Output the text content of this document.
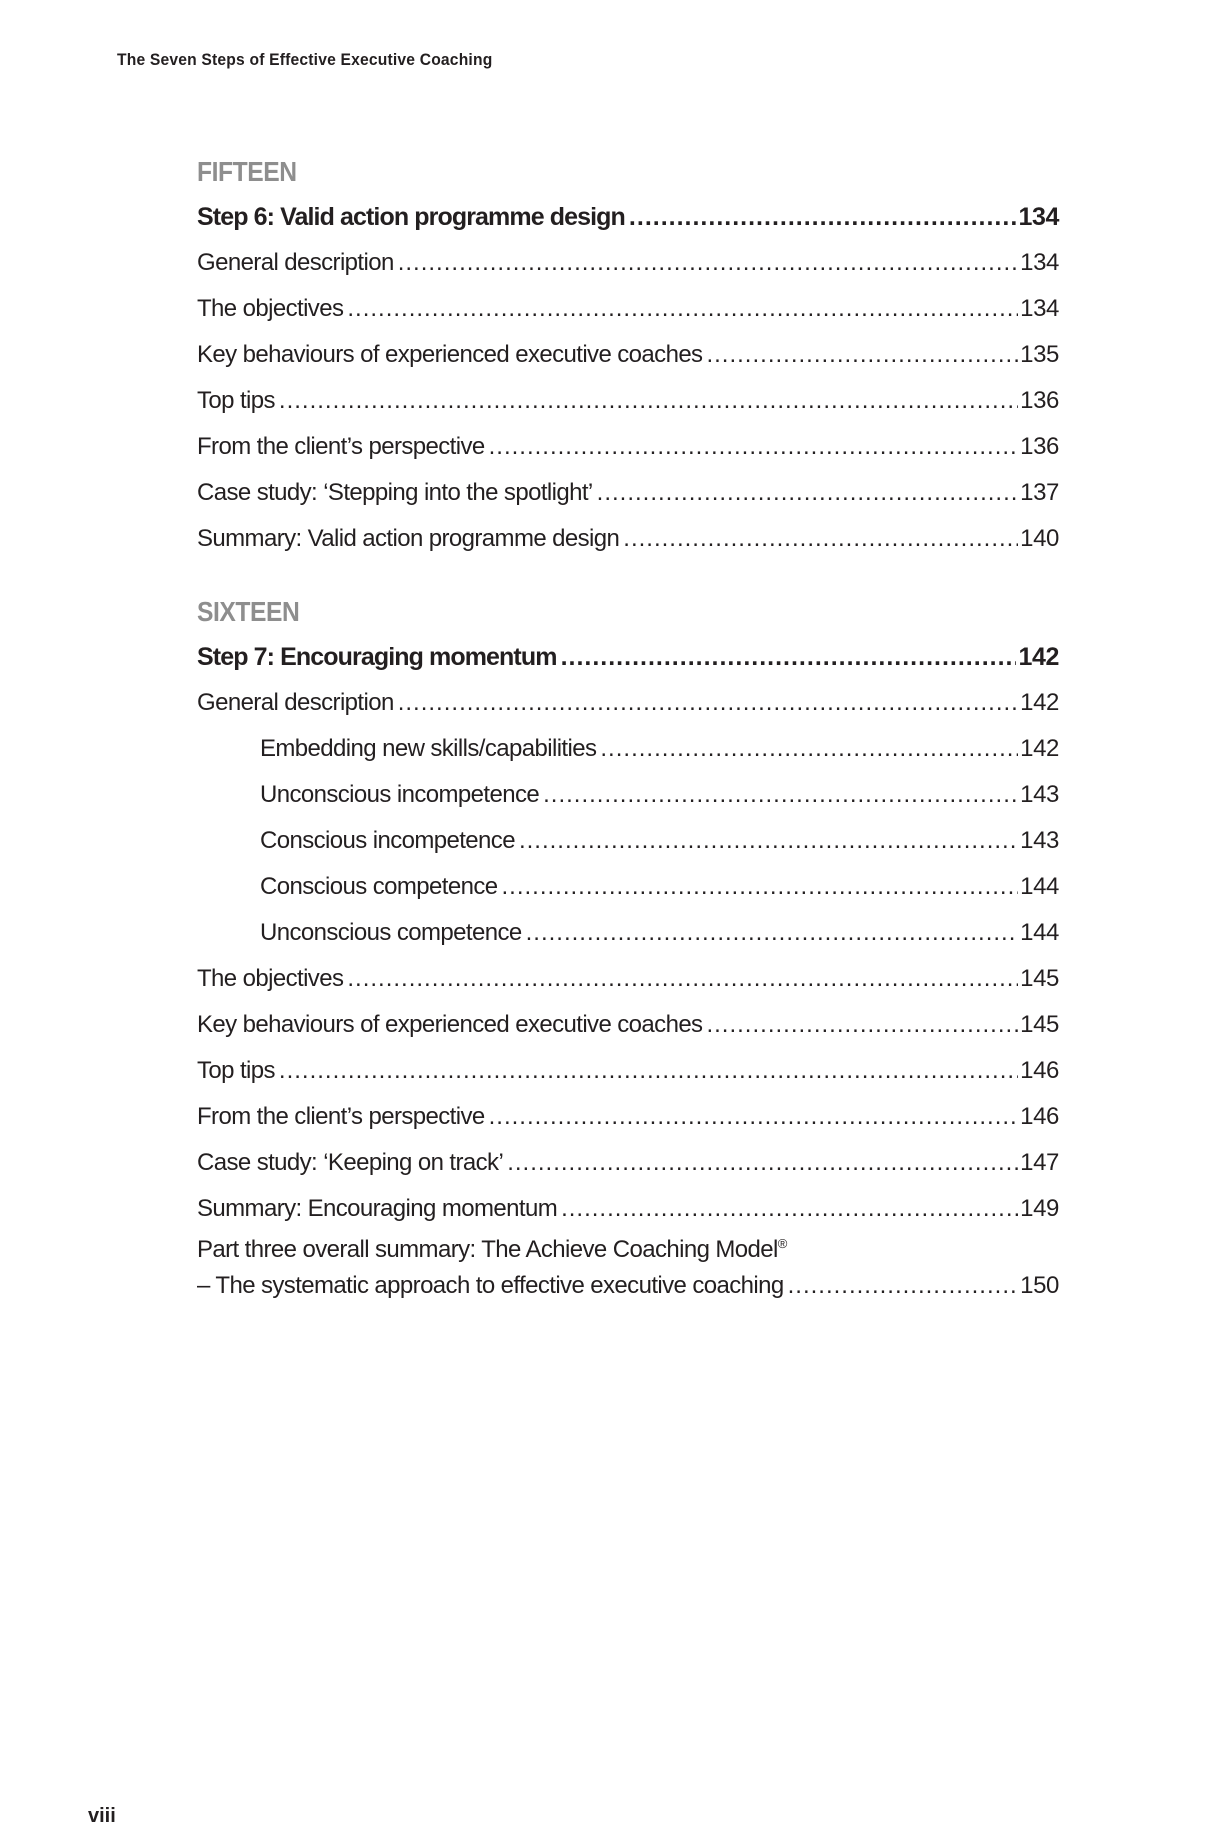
The Seven Steps of Effective Executive Coaching
FIFTEEN
Step 6: Valid action programme design .....	134
General description .....	134
The objectives .....	134
Key behaviours of experienced executive coaches .....	135
Top tips .....	136
From the client’s perspective .....	136
Case study: ‘Stepping into the spotlight’ .....	137
Summary: Valid action programme design .....	140
SIXTEEN
Step 7: Encouraging momentum .....	142
General description .....	142
Embedding new skills/capabilities .....	142
Unconscious incompetence .....	143
Conscious incompetence .....	143
Conscious competence .....	144
Unconscious competence .....	144
The objectives .....	145
Key behaviours of experienced executive coaches .....	145
Top tips .....	146
From the client’s perspective .....	146
Case study: ‘Keeping on track’ .....	147
Summary: Encouraging momentum .....	149
Part three overall summary: The Achieve Coaching Model®
– The systematic approach to effective executive coaching .....	150
viii
